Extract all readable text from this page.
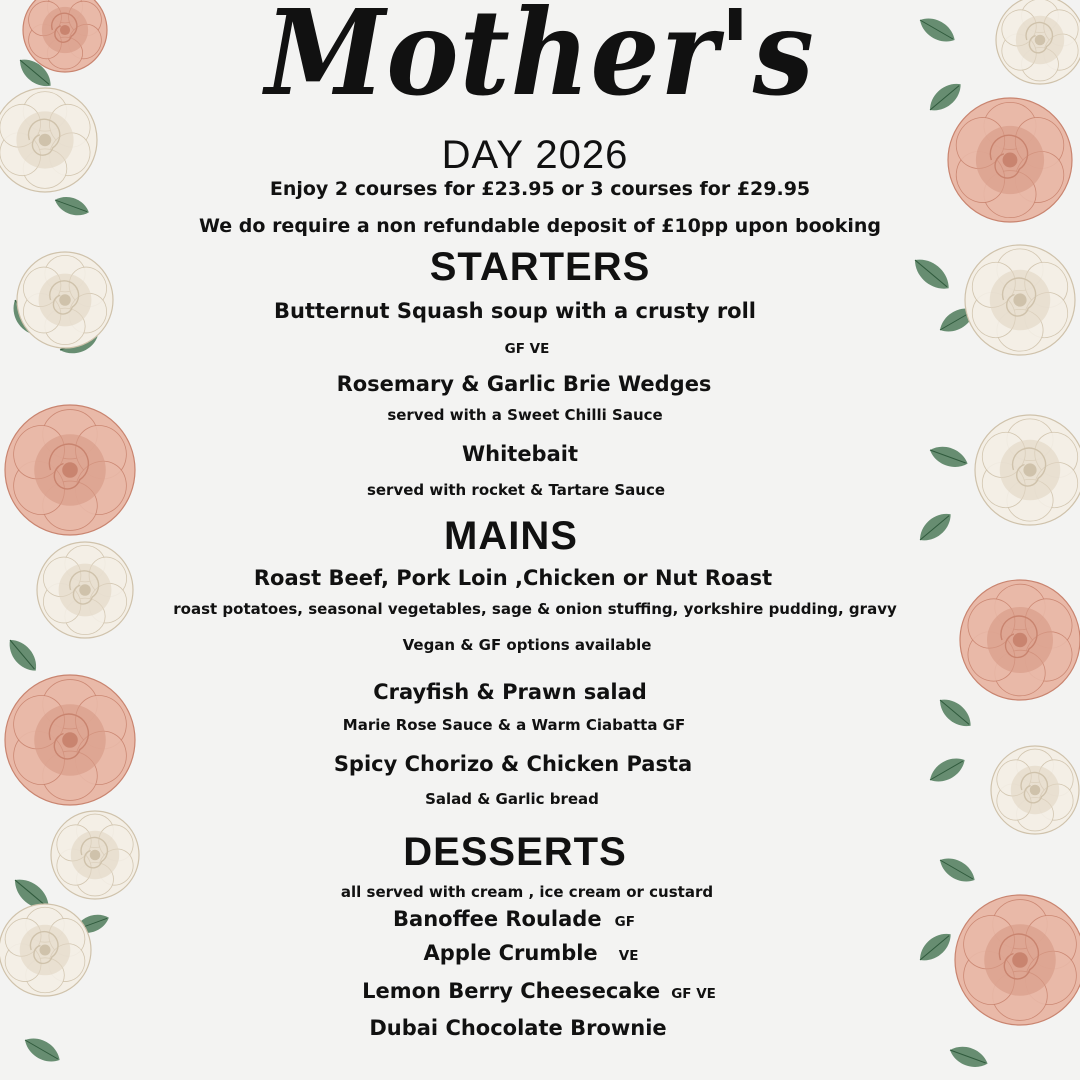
Mother's
DAY 2026
Enjoy 2 courses for £23.95 or 3 courses for £29.95
We do require a non refundable deposit of £10pp upon booking
STARTERS
Butternut Squash soup with a crusty roll
GF VE
Rosemary & Garlic Brie Wedges
served with a Sweet Chilli Sauce
Whitebait
served with rocket & Tartare Sauce
MAINS
Roast Beef, Pork Loin ,Chicken or Nut Roast
roast potatoes, seasonal vegetables, sage & onion stuffing, yorkshire pudding, gravy
Vegan & GF options available
Crayfish & Prawn salad
Marie Rose Sauce & a Warm Ciabatta GF
Spicy Chorizo & Chicken Pasta
Salad & Garlic bread
DESSERTS
all served with cream , ice cream or custard
Banoffee Roulade GF
Apple Crumble VE
Lemon Berry Cheesecake GF VE
Dubai Chocolate Brownie
